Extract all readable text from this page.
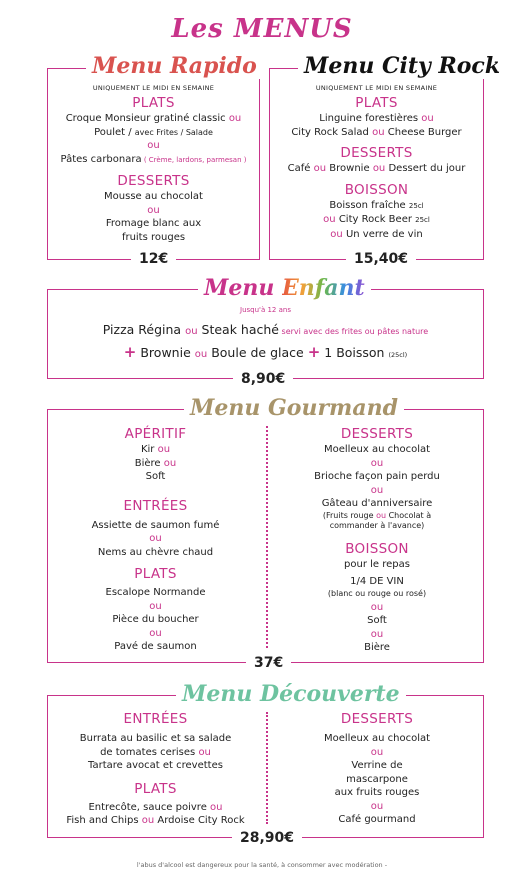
Les MENUS
Menu Rapido
UNIQUEMENT LE MIDI EN SEMAINE
PLATS
Croque Monsieur gratiné classic ou
Poulet / avec Frites / Salade
ou
Pâtes carbonara ( Crème, lardons, parmesan )
DESSERTS
Mousse au chocolat
ou
Fromage blanc aux
fruits rouges
12€
Menu City Rock
UNIQUEMENT LE MIDI EN SEMAINE
PLATS
Linguine forestières ou
City Rock Salad ou Cheese Burger
DESSERTS
Café ou Brownie ou Dessert du jour
BOISSON
Boisson fraîche 25cl
ou City Rock Beer 25cl
ou Un verre de vin
15,40€
Menu Enfant
Jusqu'à 12 ans
Pizza Régina ou Steak haché servi avec des frites ou pâtes nature
+ Brownie ou Boule de glace + 1 Boisson (25cl)
8,90€
Menu Gourmand
APÉRITIF
Kir ou
Bière ou
Soft
ENTRÉES
Assiette de saumon fumé
ou
Nems au chèvre chaud
PLATS
Escalope Normande
ou
Pièce du boucher
ou
Pavé de saumon
DESSERTS
Moelleux au chocolat
ou
Brioche façon pain perdu
ou
Gâteau d'anniversaire
(Fruits rouge ou Chocolat à
commander à l'avance)
BOISSON
pour le repas
1/4 DE VIN
(blanc ou rouge ou rosé)
ou
Soft
ou
Bière
37€
Menu Découverte
ENTRÉES
Burrata au basilic et sa salade
de tomates cerises ou
Tartare avocat et crevettes
PLATS
Entrecôte, sauce poivre ou
Fish and Chips ou Ardoise City Rock
DESSERTS
Moelleux au chocolat
ou
Verrine de
mascarpone
aux fruits rouges
ou
Café gourmand
28,90€
l'abus d'alcool est dangereux pour la santé, à consommer avec modération -
